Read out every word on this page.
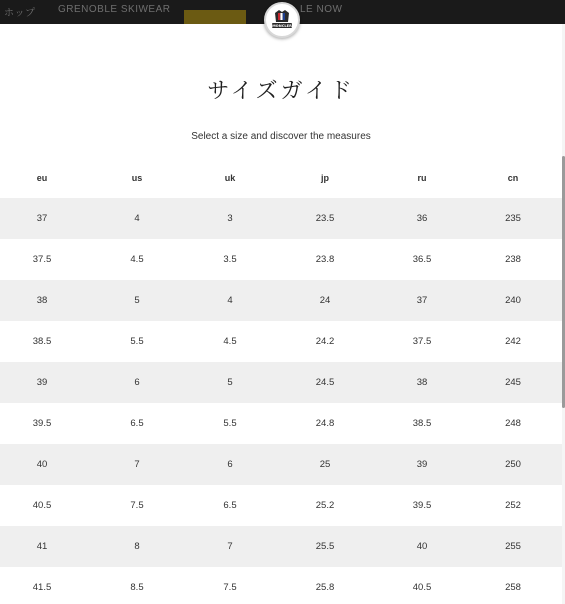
ホップ GRENOBLE SKIWEAR	LE NOW
サイズガイド

Select a size and discover the measures

eu	us	uk	jp	ru	cn
37	4	3	23.5	36	235
37.5	4.5	3.5	23.8	36.5	238
38	5	4	24	37	240
38.5	5.5	4.5	24.2	37.5	242
39	6	5	24.5	38	245
39.5	6.5	5.5	24.8	38.5	248
40	7	6	25	39	250
40.5	7.5	6.5	25.2	39.5	252
41	8	7	25.5	40	255
41.5	8.5	7.5	25.8	40.5	258
MONCLER
